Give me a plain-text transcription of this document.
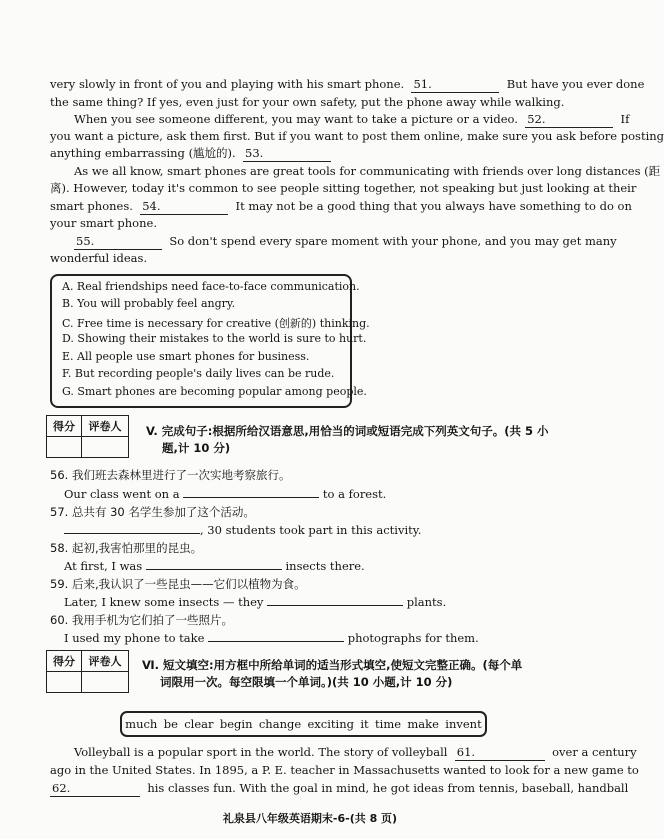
very slowly in front of you and playing with his smart phone. 51.	But have you ever done
the same thing? If yes, even just for your own safety, put the phone away while walking.
When you see someone different, you may want to take a picture or a video. 52.	If
you want a picture, ask them first. But if you want to post them online, make sure you ask before posting
anything embarrassing (尴尬的). 53.
As we all know, smart phones are great tools for communicating with friends over long distances (距
离). However, today it's common to see people sitting together, not speaking but just looking at their
smart phones. 54.	It may not be a good thing that you always have something to do on
your smart phone.
55.	So don't spend every spare moment with your phone, and you may get many
wonderful ideas.
A. Real friendships need face-to-face communication.
B. You will probably feel angry.
C. Free time is necessary for creative (创新的) thinking.
D. Showing their mistakes to the world is sure to hurt.
E. All people use smart phones for business.
F. But recording people's daily lives can be rude.
G. Smart phones are becoming popular among people.
得分	评卷人
	V. 完成句子:根据所给汉语意思,用恰当的词或短语完成下列英文句子。(共 5 小
题,计 10 分)
56. 我们班去森林里进行了一次实地考察旅行。
Our class went on a	to a forest.
57. 总共有 30 名学生参加了这个活动。
, 30 students took part in this activity.
58. 起初,我害怕那里的昆虫。
At first, I was	insects there.
59. 后来,我认识了一些昆虫——它们以植物为食。
Later, I knew some insects — they	plants.
60. 我用手机为它们拍了一些照片。
I used my phone to take	photographs for them.
得分	评卷人
	Ⅵ. 短文填空:用方框中所给单词的适当形式填空,使短文完整正确。(每个单
词限用一次。每空限填一个单词。)(共 10 小题,计 10 分)
much be clear begin change exciting it time make invent
Volleyball is a popular sport in the world. The story of volleyball 61.	over a century
ago in the United States. In 1895, a P. E. teacher in Massachusetts wanted to look for a new game to
62.	his classes fun. With the goal in mind, he got ideas from tennis, baseball, handball
礼泉县八年级英语期末-6-(共 8 页)
